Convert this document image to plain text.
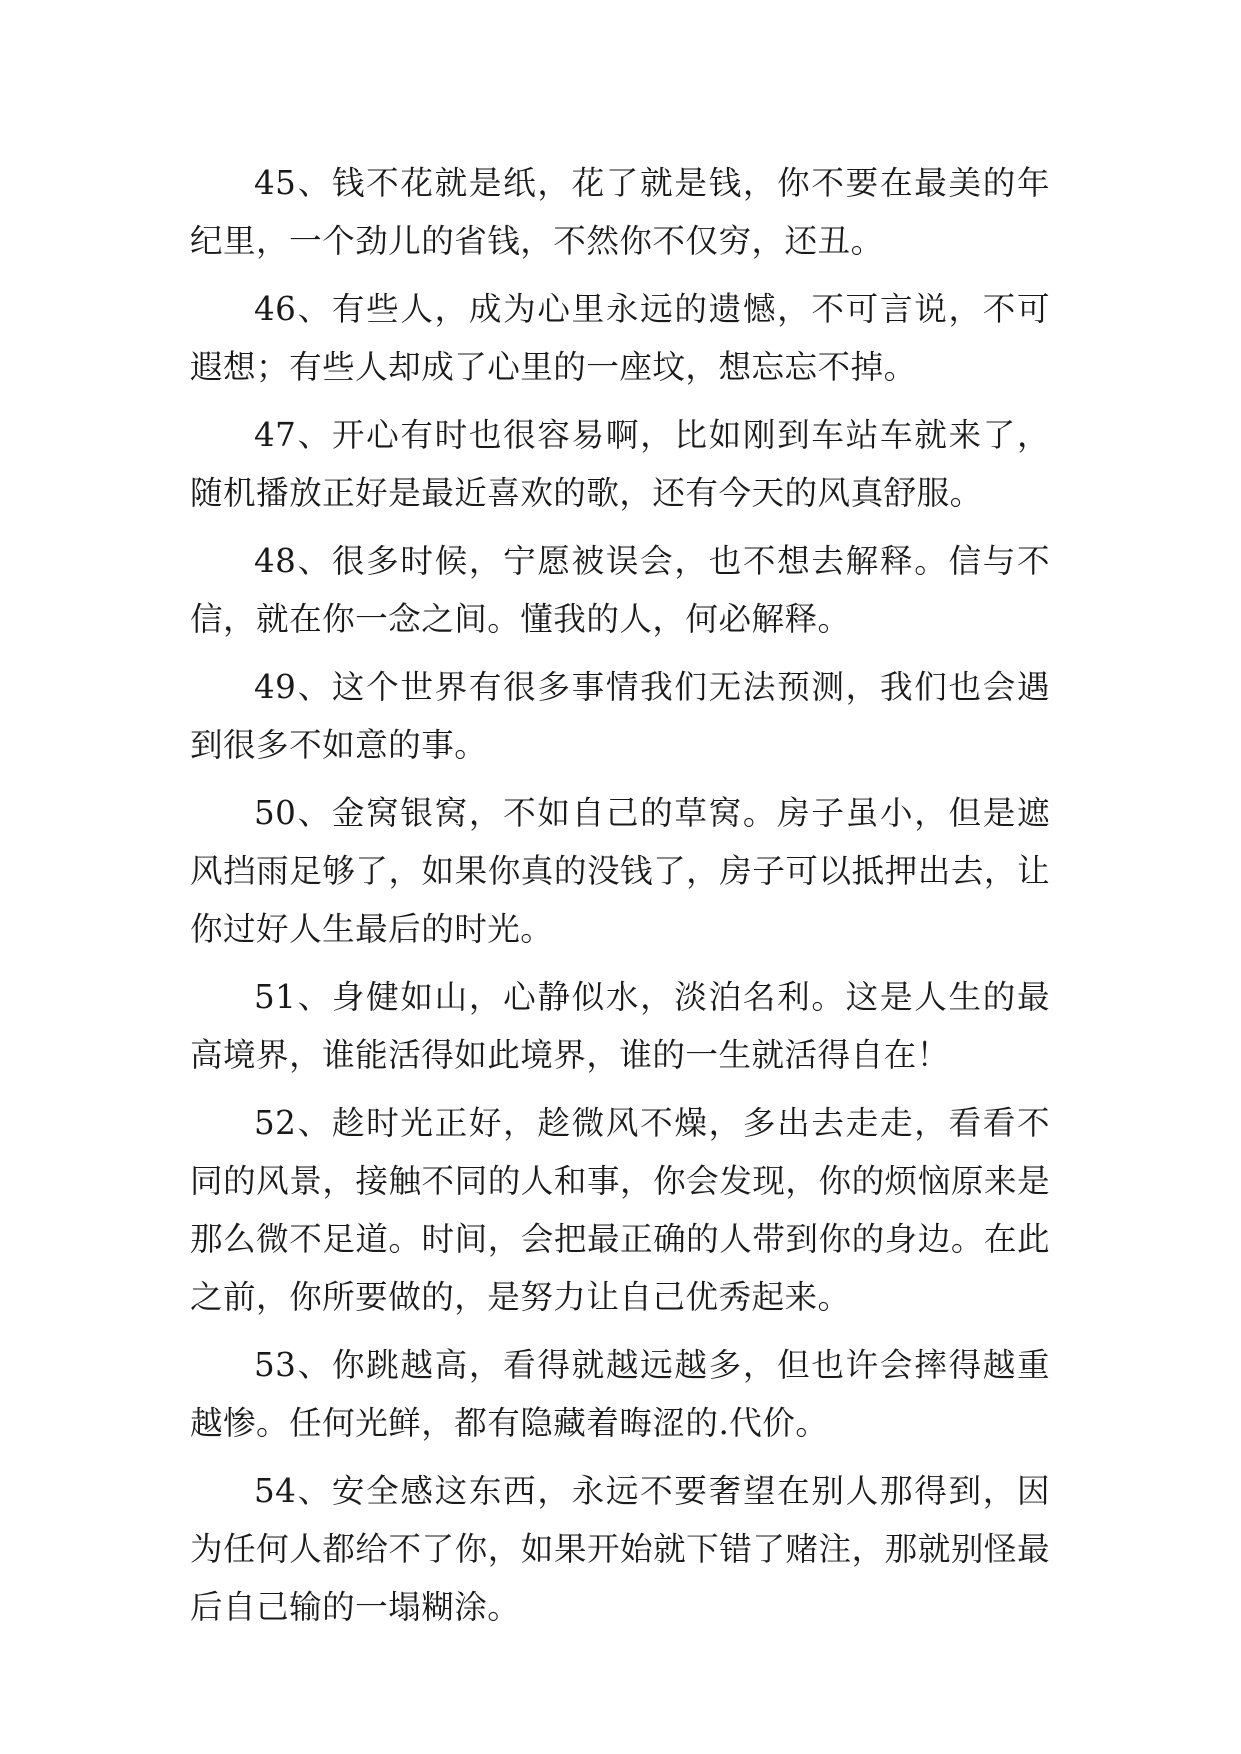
45、钱不花就是纸，花了就是钱，你不要在最美的年纪里，一个劲儿的省钱，不然你不仅穷，还丑。

46、有些人，成为心里永远的遗憾，不可言说，不可遐想；有些人却成了心里的一座坟，想忘忘不掉。

47、开心有时也很容易啊，比如刚到车站车就来了，随机播放正好是最近喜欢的歌，还有今天的风真舒服。

48、很多时候，宁愿被误会，也不想去解释。信与不信，就在你一念之间。懂我的人，何必解释。

49、这个世界有很多事情我们无法预测，我们也会遇到很多不如意的事。

50、金窝银窝，不如自己的草窝。房子虽小，但是遮风挡雨足够了，如果你真的没钱了，房子可以抵押出去，让你过好人生最后的时光。

51、身健如山，心静似水，淡泊名利。这是人生的最高境界，谁能活得如此境界，谁的一生就活得自在！

52、趁时光正好，趁微风不燥，多出去走走，看看不同的风景，接触不同的人和事，你会发现，你的烦恼原来是那么微不足道。时间，会把最正确的人带到你的身边。在此之前，你所要做的，是努力让自己优秀起来。

53、你跳越高，看得就越远越多，但也许会摔得越重越惨。任何光鲜，都有隐藏着晦涩的.代价。

54、安全感这东西，永远不要奢望在别人那得到，因为任何人都给不了你，如果开始就下错了赌注，那就别怪最后自己输的一塌糊涂。
